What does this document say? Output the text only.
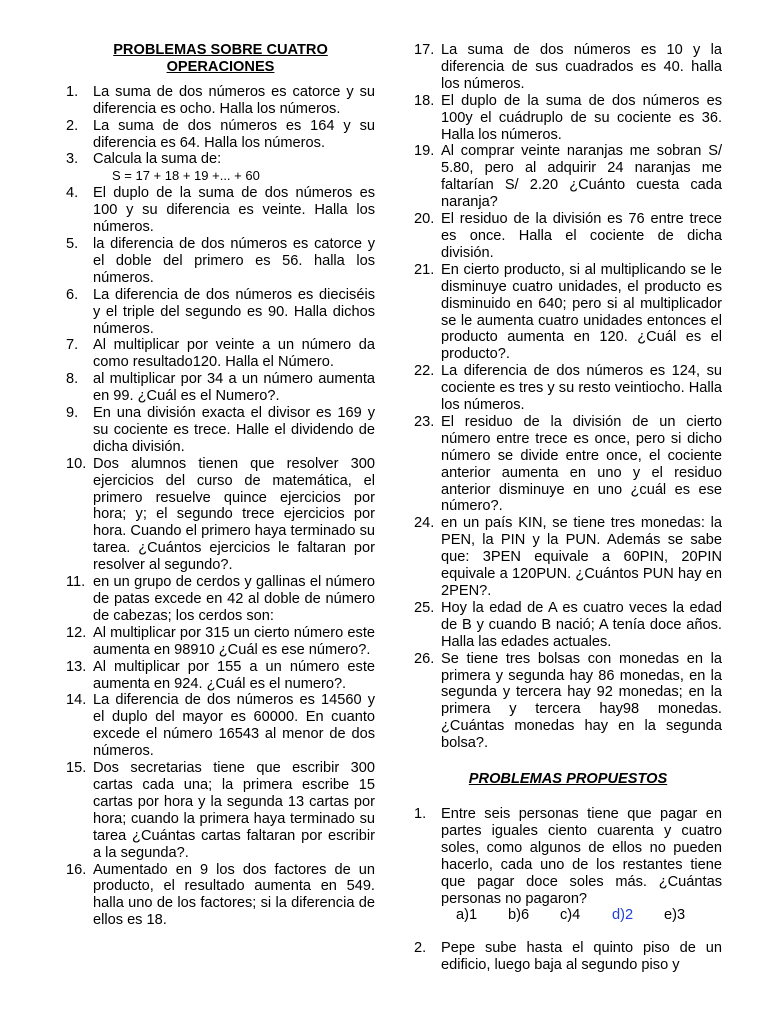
PROBLEMAS SOBRE CUATRO
OPERACIONES
1. La suma de dos números es catorce y su diferencia es ocho. Halla los números.
2. La suma de dos números es 164 y su diferencia es 64. Halla los números.
3. Calcula la suma de:
S = 17 + 18 + 19 +... + 60
4. El duplo de la suma de dos números es 100 y su diferencia es veinte. Halla los números.
5. la diferencia de dos números es catorce y el doble del primero es 56. halla los números.
6. La diferencia de dos números es dieciséis y el triple del segundo es 90. Halla dichos números.
7. Al multiplicar por veinte a un número da como resultado120. Halla el Número.
8. al multiplicar por 34 a un número aumenta en 99. ¿Cuál es el Numero?.
9. En una división exacta el divisor es 169 y su cociente es trece. Halle el dividendo de dicha división.
10. Dos alumnos tienen que resolver 300 ejercicios del curso de matemática, el primero resuelve quince ejercicios por hora; y; el segundo trece ejercicios por hora. Cuando el primero haya terminado su tarea. ¿Cuántos ejercicios le faltaran por resolver al segundo?.
11. en un grupo de cerdos y gallinas el número de patas excede en 42 al doble de número de cabezas; los cerdos son:
12. Al multiplicar por 315 un cierto número este aumenta en 98910 ¿Cuál es ese número?.
13. Al multiplicar por 155 a un número este aumenta en 924. ¿Cuál es el numero?.
14. La diferencia de dos números es 14560 y el duplo del mayor es 60000. En cuanto excede el número 16543 al menor de dos números.
15. Dos secretarias tiene que escribir 300 cartas cada una; la primera escribe 15 cartas por hora y la segunda 13 cartas por hora; cuando la primera haya terminado su tarea ¿Cuántas cartas faltaran por escribir a la segunda?.
16. Aumentado en 9 los dos factores de un producto, el resultado aumenta en 549. halla uno de los factores; si la diferencia de ellos es 18.
17. La suma de dos números es 10 y la diferencia de sus cuadrados es 40. halla los números.
18. El duplo de la suma de dos números es 100y el cuádruplo de su cociente es 36. Halla los números.
19. Al comprar veinte naranjas me sobran S/ 5.80, pero al adquirir 24 naranjas me faltarían S/ 2.20 ¿Cuánto cuesta cada naranja?
20. El residuo de la división es 76 entre trece es once. Halla el cociente de dicha división.
21. En cierto producto, si al multiplicando se le disminuye cuatro unidades, el producto es disminuido en 640; pero si al multiplicador se le aumenta cuatro unidades entonces el producto aumenta en 120. ¿Cuál es el producto?.
22. La diferencia de dos números es 124, su cociente es tres y su resto veintiocho. Halla los números.
23. El residuo de la división de un cierto número entre trece es once, pero si dicho número se divide entre once, el cociente anterior aumenta en uno y el residuo anterior disminuye en uno ¿cuál es ese número?.
24. en un país KIN, se tiene tres monedas: la PEN, la PIN y la PUN. Además se sabe que: 3PEN equivale a 60PIN, 20PIN equivale a 120PUN. ¿Cuántos PUN hay en 2PEN?.
25. Hoy la edad de A es cuatro veces la edad de B y cuando B nació; A tenía doce años. Halla las edades actuales.
26. Se tiene tres bolsas con monedas en la primera y segunda hay 86 monedas, en la segunda y tercera hay 92 monedas; en la primera y tercera hay98 monedas. ¿Cuántas monedas hay en la segunda bolsa?.
PROBLEMAS PROPUESTOS
1. Entre seis personas tiene que pagar en partes iguales ciento cuarenta y cuatro soles, como algunos de ellos no pueden hacerlo, cada uno de los restantes tiene que pagar doce soles más. ¿Cuántas personas no pagaron?
a)1	b)6	c)4	d)2	e)3
2. Pepe sube hasta el quinto piso de un edificio, luego baja al segundo piso y
